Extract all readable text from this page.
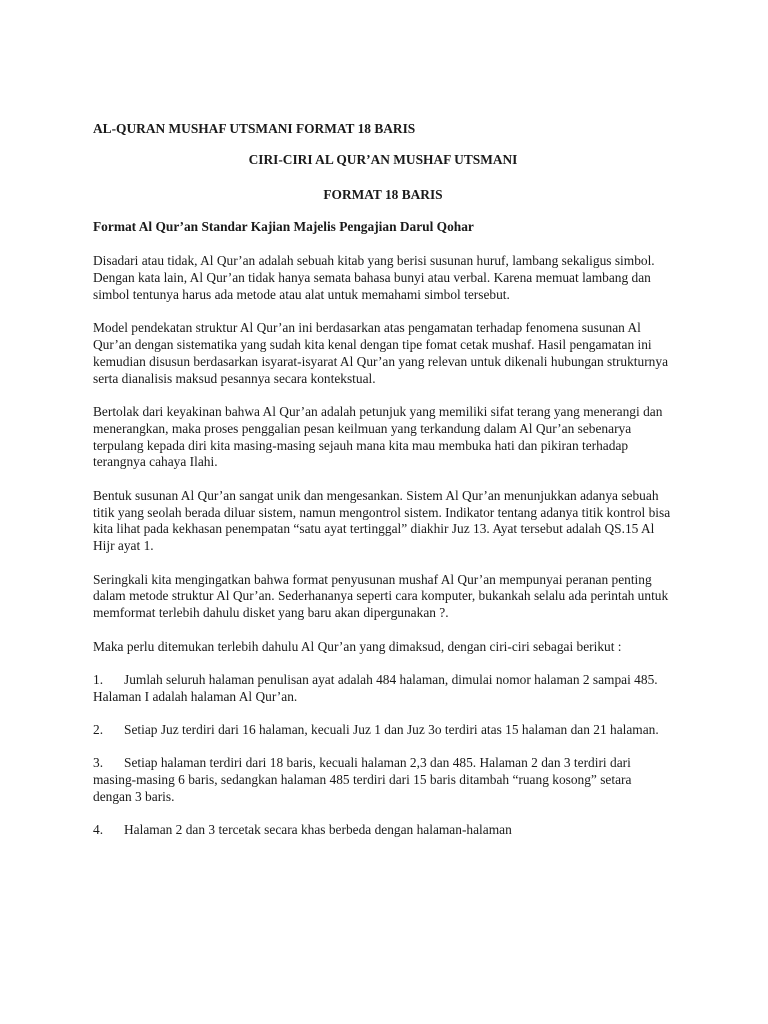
AL-QURAN MUSHAF UTSMANI FORMAT 18 BARIS
CIRI-CIRI AL QUR’AN MUSHAF UTSMANI
FORMAT 18 BARIS
Format Al Qur’an Standar Kajian Majelis Pengajian Darul Qohar

Disadari atau tidak, Al Qur’an adalah sebuah kitab yang berisi susunan huruf, lambang sekaligus simbol. Dengan kata lain, Al Qur’an tidak hanya semata bahasa bunyi atau verbal. Karena memuat lambang dan simbol tentunya harus ada metode atau alat untuk memahami simbol tersebut.

Model pendekatan struktur Al Qur’an ini berdasarkan atas pengamatan terhadap fenomena susunan Al Qur’an dengan sistematika yang sudah kita kenal dengan tipe fomat cetak mushaf. Hasil pengamatan ini kemudian disusun berdasarkan isyarat-isyarat Al Qur’an yang relevan untuk dikenali hubungan strukturnya serta dianalisis maksud pesannya secara kontekstual.

Bertolak dari keyakinan bahwa Al Qur’an adalah petunjuk yang memiliki sifat terang yang menerangi dan menerangkan, maka proses penggalian pesan keilmuan yang terkandung dalam Al Qur’an sebenarya terpulang kepada diri kita masing-masing sejauh mana kita mau membuka hati dan pikiran terhadap terangnya cahaya Ilahi.

Bentuk susunan Al Qur’an sangat unik dan mengesankan. Sistem Al Qur’an menunjukkan adanya sebuah titik yang seolah berada diluar sistem, namun mengontrol sistem. Indikator tentang adanya titik kontrol bisa kita lihat pada kekhasan penempatan “satu ayat tertinggal” diakhir Juz 13. Ayat tersebut adalah QS.15 Al Hijr ayat 1.

Seringkali kita mengingatkan bahwa format penyusunan mushaf Al Qur’an mempunyai peranan penting dalam metode struktur Al Qur’an. Sederhananya seperti cara komputer, bukankah selalu ada perintah untuk memformat terlebih dahulu disket yang baru akan dipergunakan ?.

Maka perlu ditemukan terlebih dahulu Al Qur’an yang dimaksud, dengan ciri-ciri sebagai berikut :

1. Jumlah seluruh halaman penulisan ayat adalah 484 halaman, dimulai nomor halaman 2 sampai 485. Halaman I adalah halaman Al Qur’an.
2. Setiap Juz terdiri dari 16 halaman, kecuali Juz 1 dan Juz 3o terdiri atas 15 halaman dan 21 halaman.
3. Setiap halaman terdiri dari 18 baris, kecuali halaman 2,3 dan 485. Halaman 2 dan 3 terdiri dari masing-masing 6 baris, sedangkan halaman 485 terdiri dari 15 baris ditambah “ruang kosong” setara dengan 3 baris.
4. Halaman 2 dan 3 tercetak secara khas berbeda dengan halaman-halaman
